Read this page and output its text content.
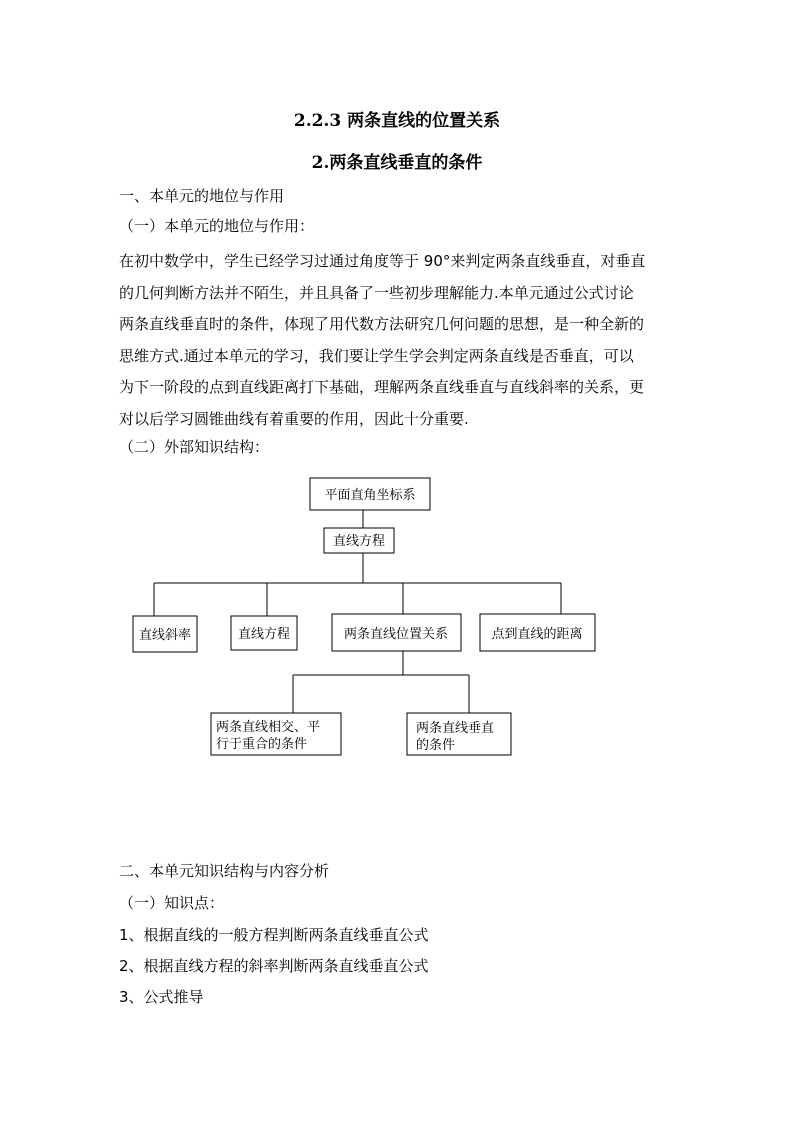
2.2.3 两条直线的位置关系
2.两条直线垂直的条件
一、本单元的地位与作用
（一）本单元的地位与作用：
在初中数学中，学生已经学习过通过角度等于 90°来判定两条直线垂直，对垂直
的几何判断方法并不陌生，并且具备了一些初步理解能力.本单元通过公式讨论
两条直线垂直时的条件，体现了用代数方法研究几何问题的思想，是一种全新的
思维方式.通过本单元的学习，我们要让学生学会判定两条直线是否垂直，可以
为下一阶段的点到直线距离打下基础，理解两条直线垂直与直线斜率的关系，更
对以后学习圆锥曲线有着重要的作用，因此十分重要.
（二）外部知识结构：
平面直角坐标系
直线方程
直线斜率	直线方程	两条直线位置关系	点到直线的距离
两条直线相交、平
行于重合的条件
两条直线垂直
的条件
二、本单元知识结构与内容分析
（一）知识点：
1、根据直线的一般方程判断两条直线垂直公式
2、根据直线方程的斜率判断两条直线垂直公式
3、公式推导
